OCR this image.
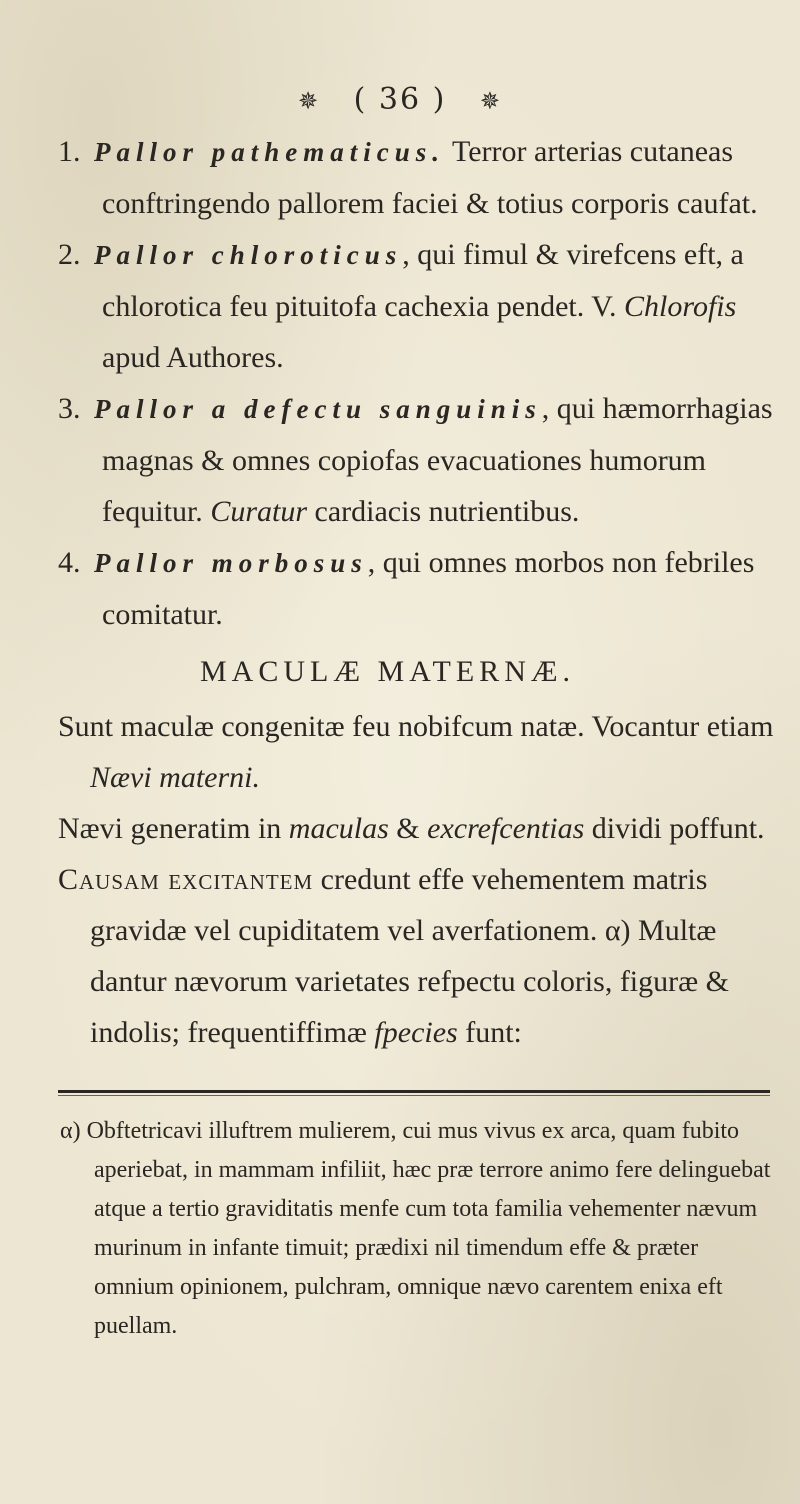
✵ ( 36 ) ✵

1. Pallor pathematicus. Terror arterias cutaneas conftringendo pallorem faciei & totius corporis caufat.

2. Pallor chloroticus, qui fimul & virefcens eft, a chlorotica feu pituitofa cachexia pendet. V. Chlorofis apud Authores.

3. Pallor a defectu sanguinis, qui hæmorrhagias magnas & omnes copiofas evacuationes humorum fequitur. Curatur cardiacis nutrientibus.

4. Pallor morbosus, qui omnes morbos non febriles comitatur.

MACULÆ MATERNÆ.

Sunt maculæ congenitæ feu nobifcum natæ. Vocantur etiam Nævi materni.

Nævi generatim in maculas & excrefcentias dividi poffunt.

Causam excitantem credunt effe vehementem matris gravidæ vel cupiditatem vel averfationem. α) Multæ dantur nævorum varietates refpectu coloris, figuræ & indolis; frequentiffimæ fpecies funt:

α) Obftetricavi illuftrem mulierem, cui mus vivus ex arca, quam fubito aperiebat, in mammam infiliit, hæc præ terrore animo fere delinguebat atque a tertio graviditatis menfe cum tota familia vehementer nævum murinum in infante timuit; prædixi nil timendum effe & præter omnium opinionem, pulchram, omnique nævo carentem enixa eft puellam.
